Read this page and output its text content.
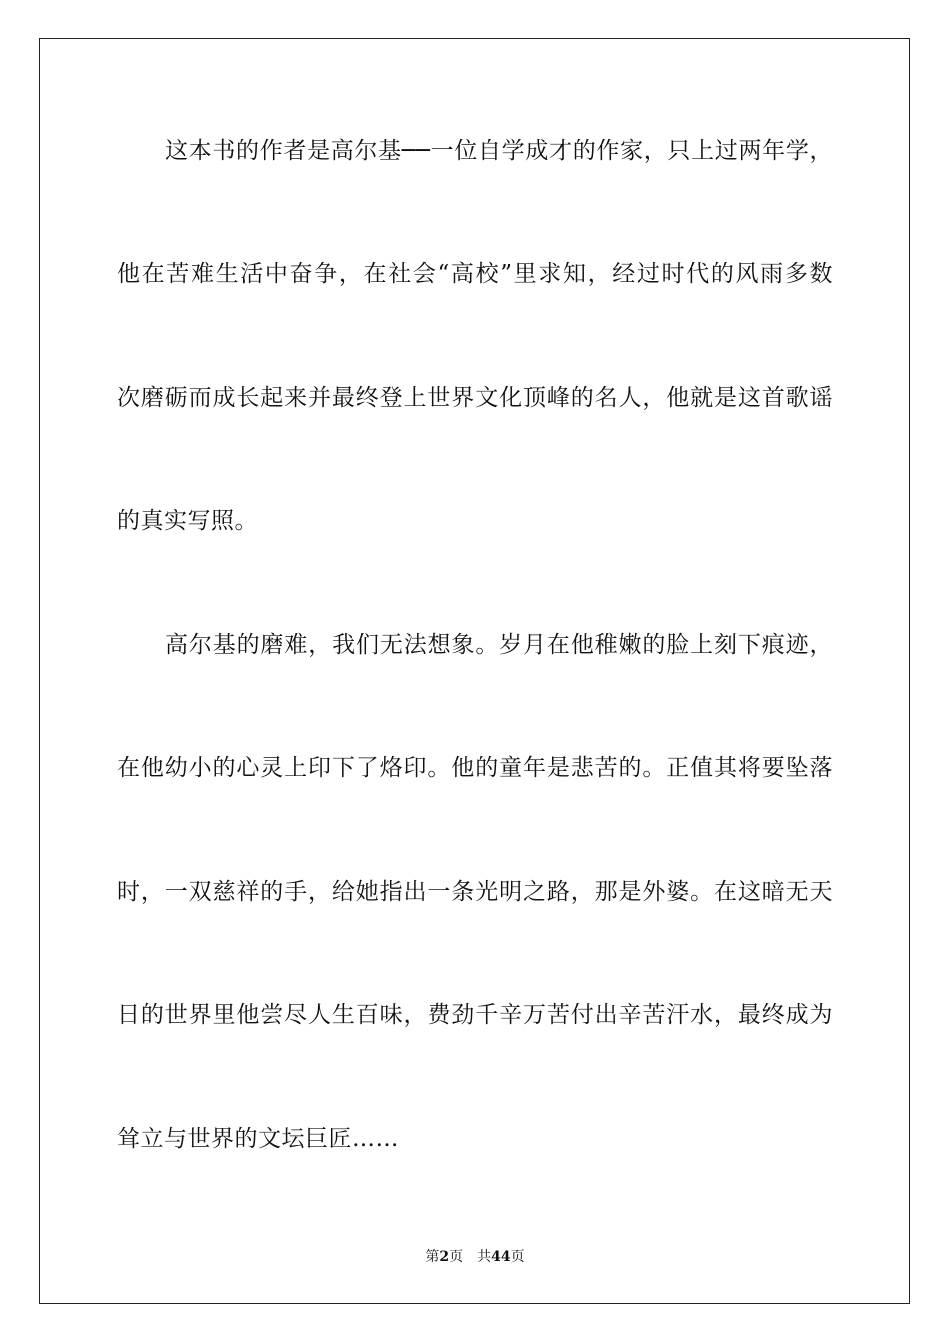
这本书的作者是高尔基──一位自学成才的作家，只上过两年学，
他在苦难生活中奋争，在社会“高校”里求知，经过时代的风雨多数
次磨砺而成长起来并最终登上世界文化顶峰的名人，他就是这首歌谣
的真实写照。
高尔基的磨难，我们无法想象。岁月在他稚嫩的脸上刻下痕迹，
在他幼小的心灵上印下了烙印。他的童年是悲苦的。正值其将要坠落
时，一双慈祥的手，给她指出一条光明之路，那是外婆。在这暗无天
日的世界里他尝尽人生百味，费劲千辛万苦付出辛苦汗水，最终成为
耸立与世界的文坛巨匠……
第2页 共44页
